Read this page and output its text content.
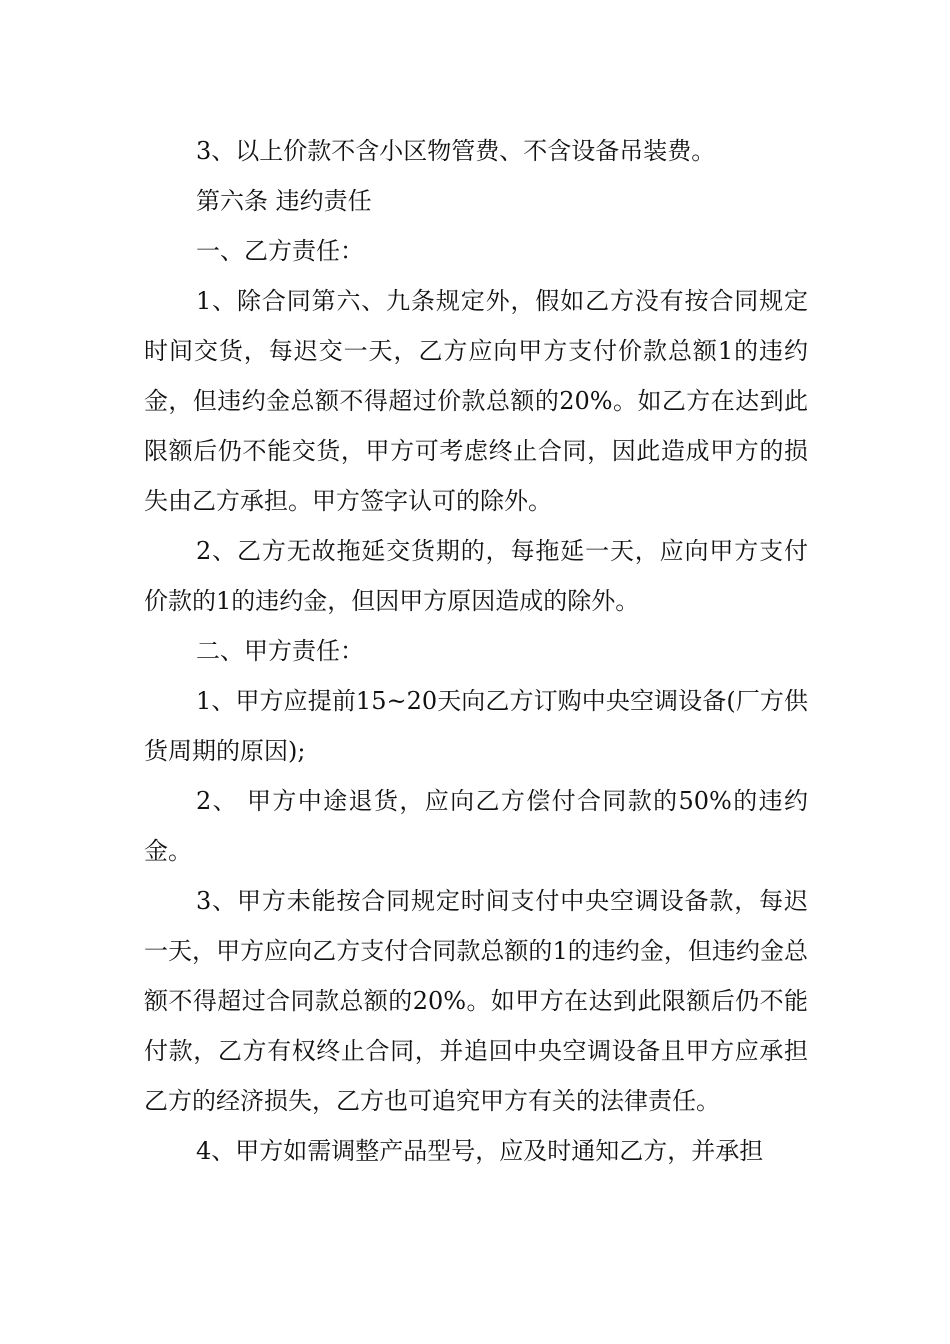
3、以上价款不含小区物管费、不含设备吊装费。

第六条 违约责任

一、乙方责任：

1、除合同第六、九条规定外，假如乙方没有按合同规定时间交货，每迟交一天，乙方应向甲方支付价款总额1的违约金，但违约金总额不得超过价款总额的20%。如乙方在达到此限额后仍不能交货，甲方可考虑终止合同，因此造成甲方的损失由乙方承担。甲方签字认可的除外。

2、乙方无故拖延交货期的，每拖延一天，应向甲方支付价款的1的违约金，但因甲方原因造成的除外。

二、甲方责任：

1、甲方应提前15~20天向乙方订购中央空调设备(厂方供货周期的原因);

2、 甲方中途退货，应向乙方偿付合同款的50%的违约金。

3、甲方未能按合同规定时间支付中央空调设备款，每迟一天，甲方应向乙方支付合同款总额的1的违约金，但违约金总额不得超过合同款总额的20%。如甲方在达到此限额后仍不能付款，乙方有权终止合同，并追回中央空调设备且甲方应承担乙方的经济损失，乙方也可追究甲方有关的法律责任。

4、甲方如需调整产品型号，应及时通知乙方，并承担
